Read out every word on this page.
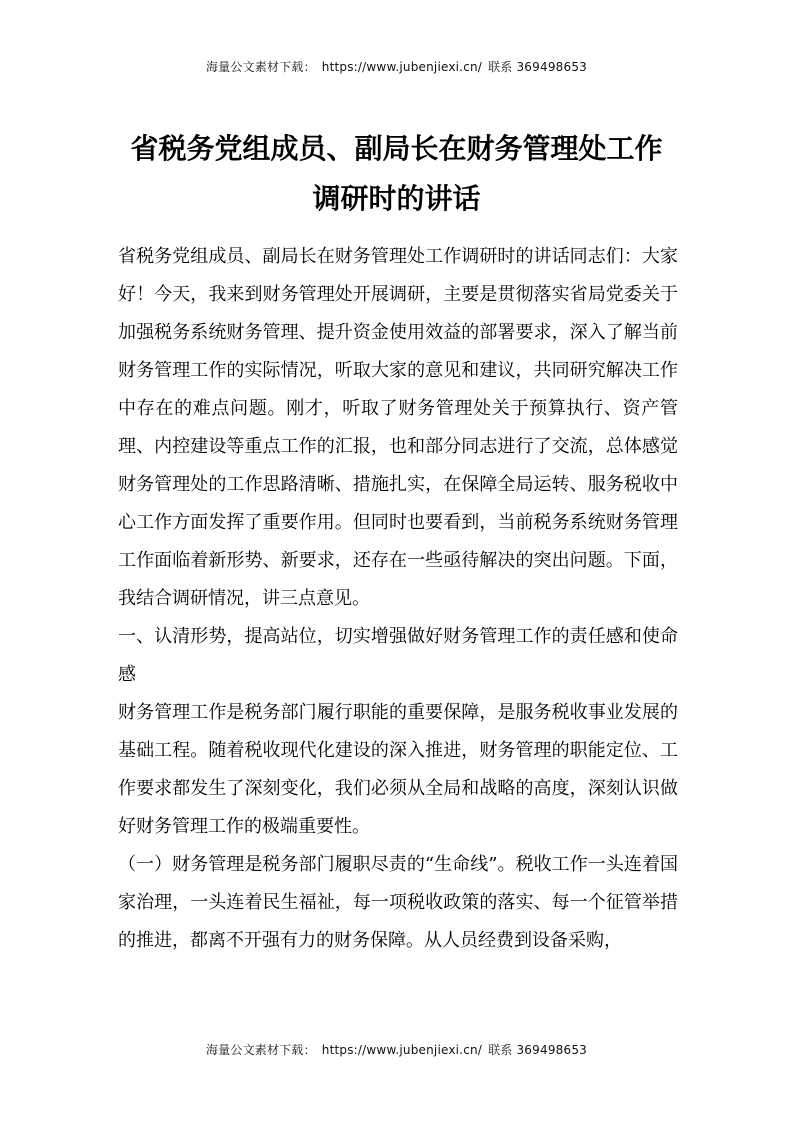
海量公文素材下载： https://www.jubenjiexi.cn/ 联系 369498653
省税务党组成员、副局长在财务管理处工作
调研时的讲话

省税务党组成员、副局长在财务管理处工作调研时的讲话同志们：大家好！今天，我来到财务管理处开展调研，主要是贯彻落实省局党委关于加强税务系统财务管理、提升资金使用效益的部署要求，深入了解当前财务管理工作的实际情况，听取大家的意见和建议，共同研究解决工作中存在的难点问题。刚才，听取了财务管理处关于预算执行、资产管理、内控建设等重点工作的汇报，也和部分同志进行了交流，总体感觉财务管理处的工作思路清晰、措施扎实，在保障全局运转、服务税收中心工作方面发挥了重要作用。但同时也要看到，当前税务系统财务管理工作面临着新形势、新要求，还存在一些亟待解决的突出问题。下面，我结合调研情况，讲三点意见。

一、认清形势，提高站位，切实增强做好财务管理工作的责任感和使命感

财务管理工作是税务部门履行职能的重要保障，是服务税收事业发展的基础工程。随着税收现代化建设的深入推进，财务管理的职能定位、工作要求都发生了深刻变化，我们必须从全局和战略的高度，深刻认识做好财务管理工作的极端重要性。

（一）财务管理是税务部门履职尽责的“生命线”。税收工作一头连着国家治理，一头连着民生福祉，每一项税收政策的落实、每一个征管举措的推进，都离不开强有力的财务保障。从人员经费到设备采购，

海量公文素材下载： https://www.jubenjiexi.cn/ 联系 369498653
